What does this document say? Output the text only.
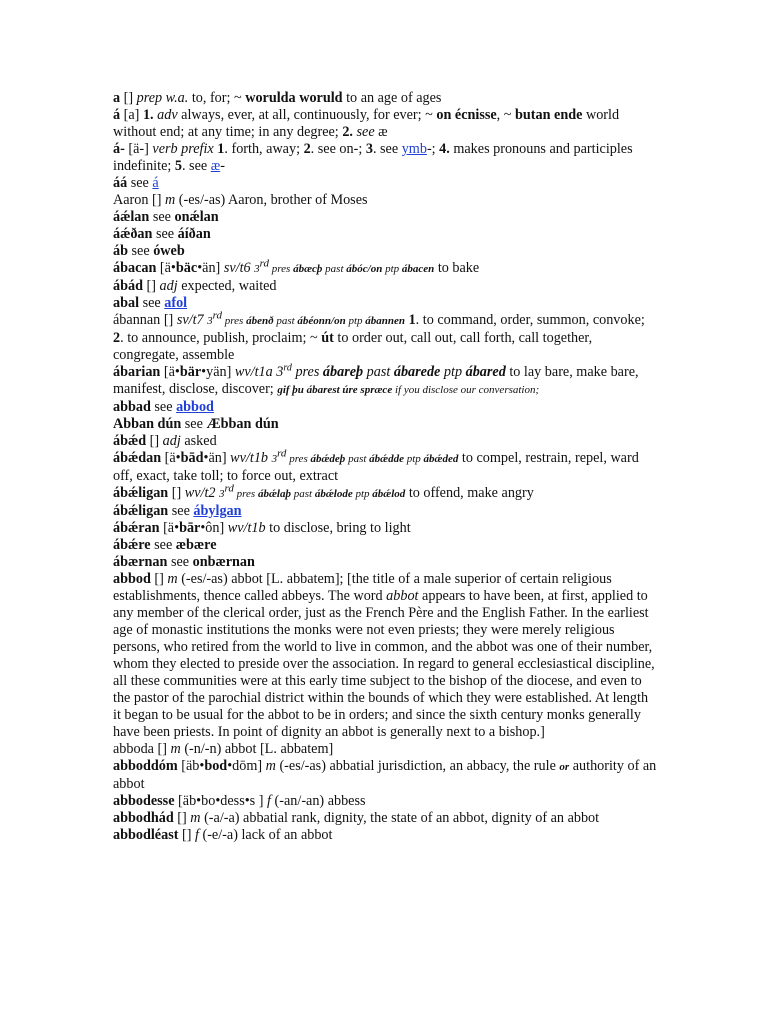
a [] prep w.a. to, for; ~ worulda woruld to an age of ages

á [a] 1. adv always, ever, at all, continuously, for ever; ~ on écnisse, ~ butan ende world without end; at any time; in any degree; 2. see æ

á- [ä-] verb prefix 1. forth, away; 2. see on-; 3. see ymb-; 4. makes pronouns and participles indefinite; 5. see æ-

áá see á

Aaron [] m (-es/-as) Aaron, brother of Moses

áǽlan see onǽlan

áǽðan see áíðan

áb see óweb

ábacan [ä•bäc•än] sv/t6 3rd pres ábæcþ past ábóc/on ptp ábacen to bake

ábád [] adj expected, waited

abal see afol

ábannan [] sv/t7 3rd pres ábenð past ábéonn/on ptp ábannen 1. to command, order, summon, convoke; 2. to announce, publish, proclaim; ~ út to order out, call out, call forth, call together, congregate, assemble

ábarian [ä•bär•yän] wv/t1a 3rd pres ábareþ past ábarede ptp ábared to lay bare, make bare, manifest, disclose, discover; gif þu ábarest úre spræce if you disclose our conversation;

abbad see abbod

Abban dún see Æbban dún

ábǽd [] adj asked

ábǽdan [ä•bād•än] wv/t1b 3rd pres ábǽdeþ past ábǽdde ptp ábǽded to compel, restrain, repel, ward off, exact, take toll; to force out, extract

ábǽligan [] wv/t2 3rd pres ábǽlaþ past ábǽlode ptp ábǽlod to offend, make angry

ábǽligan see ábylgan

ábǽran [ä•bār•ôn] wv/t1b to disclose, bring to light

ábǽre see æbære

ábærnan see onbærnan

abbod [] m (-es/-as) abbot [L. abbatem]; [the title of a male superior of certain religious establishments, thence called abbeys. The word abbot appears to have been, at first, applied to any member of the clerical order, just as the French Père and the English Father. In the earliest age of monastic institutions the monks were not even priests; they were merely religious persons, who retired from the world to live in common, and the abbot was one of their number, whom they elected to preside over the association. In regard to general ecclesiastical discipline, all these communities were at this early time subject to the bishop of the diocese, and even to the pastor of the parochial district within the bounds of which they were established. At length it began to be usual for the abbot to be in orders; and since the sixth century monks generally have been priests. In point of dignity an abbot is generally next to a bishop.]

abboda [] m (-n/-n) abbot [L. abbatem]

abboddóm [äb•bod•dōm] m (-es/-as) abbatial jurisdiction, an abbacy, the rule or authority of an abbot

abbodesse [äb•bo•dess•s ] f (-an/-an) abbess

abbodhád [] m (-a/-a) abbatial rank, dignity, the state of an abbot, dignity of an abbot

abbodléast [] f (-e/-a) lack of an abbot
